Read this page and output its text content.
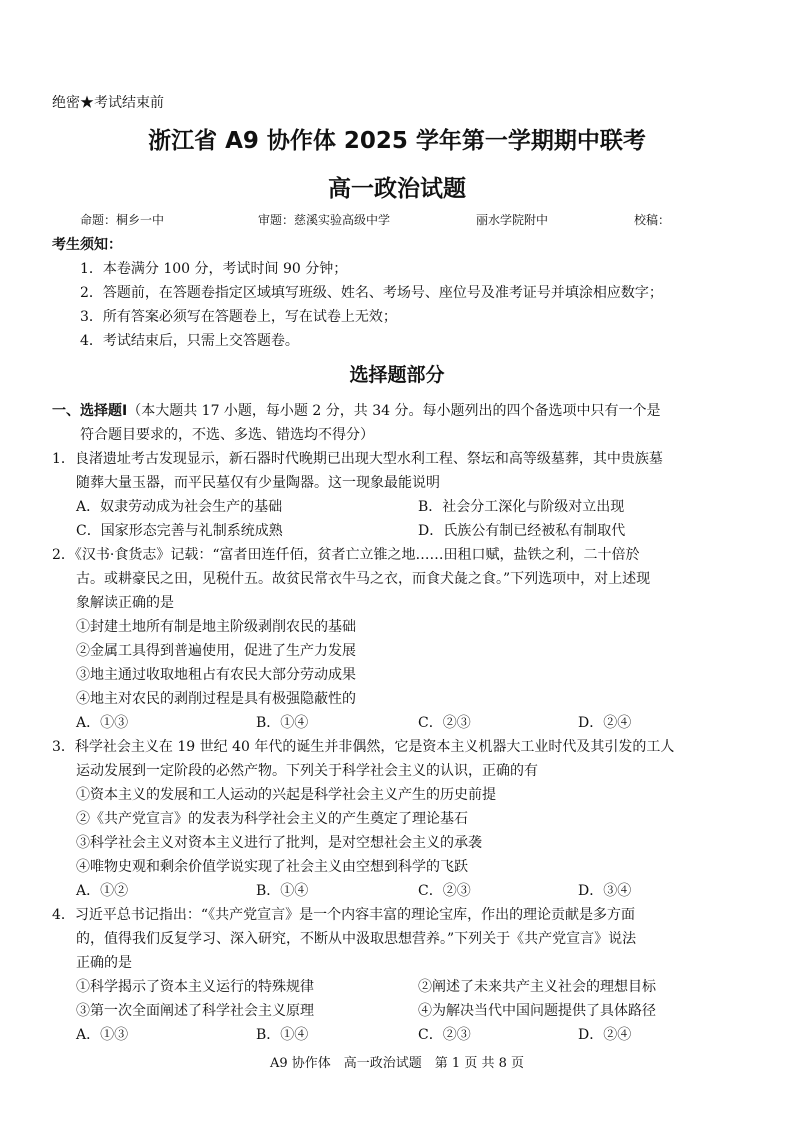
绝密★考试结束前
浙江省 A9 协作体 2025 学年第一学期期中联考
高一政治试题
命题：桐乡一中	审题：慈溪实验高级中学	丽水学院附中	校稿：
考生须知：
1．本卷满分 100 分，考试时间 90 分钟；
2．答题前，在答题卷指定区域填写班级、姓名、考场号、座位号及准考证号并填涂相应数字；
3．所有答案必须写在答题卷上，写在试卷上无效；
4．考试结束后，只需上交答题卷。
选择题部分
一、选择题Ⅰ（本大题共 17 小题，每小题 2 分，共 34 分。每小题列出的四个备选项中只有一个是
符合题目要求的，不选、多选、错选均不得分）
1．良渚遗址考古发现显示，新石器时代晚期已出现大型水利工程、祭坛和高等级墓葬，其中贵族墓
随葬大量玉器，而平民墓仅有少量陶器。这一现象最能说明
A．奴隶劳动成为社会生产的基础	B．社会分工深化与阶级对立出现
C．国家形态完善与礼制系统成熟	D．氏族公有制已经被私有制取代
2．《汉书·食货志》记载：“富者田连仟佰，贫者亡立锥之地……田租口赋，盐铁之利，二十倍於
古。或耕豪民之田，见税什五。故贫民常衣牛马之衣，而食犬彘之食。”下列选项中，对上述现
象解读正确的是
①封建土地所有制是地主阶级剥削农民的基础
②金属工具得到普遍使用，促进了生产力发展
③地主通过收取地租占有农民大部分劳动成果
④地主对农民的剥削过程是具有极强隐蔽性的
A．①③	B．①④	C．②③	D．②④
3．科学社会主义在 19 世纪 40 年代的诞生并非偶然，它是资本主义机器大工业时代及其引发的工人
运动发展到一定阶段的必然产物。下列关于科学社会主义的认识，正确的有
①资本主义的发展和工人运动的兴起是科学社会主义产生的历史前提
②《共产党宣言》的发表为科学社会主义的产生奠定了理论基石
③科学社会主义对资本主义进行了批判，是对空想社会主义的承袭
④唯物史观和剩余价值学说实现了社会主义由空想到科学的飞跃
A．①②	B．①④	C．②③	D．③④
4．习近平总书记指出：“《共产党宣言》是一个内容丰富的理论宝库，作出的理论贡献是多方面
的，值得我们反复学习、深入研究，不断从中汲取思想营养。”下列关于《共产党宣言》说法
正确的是
①科学揭示了资本主义运行的特殊规律	②阐述了未来共产主义社会的理想目标
③第一次全面阐述了科学社会主义原理	④为解决当代中国问题提供了具体路径
A．①③	B．①④	C．②③	D．②④
A9 协作体　高一政治试题　第 1 页 共 8 页
